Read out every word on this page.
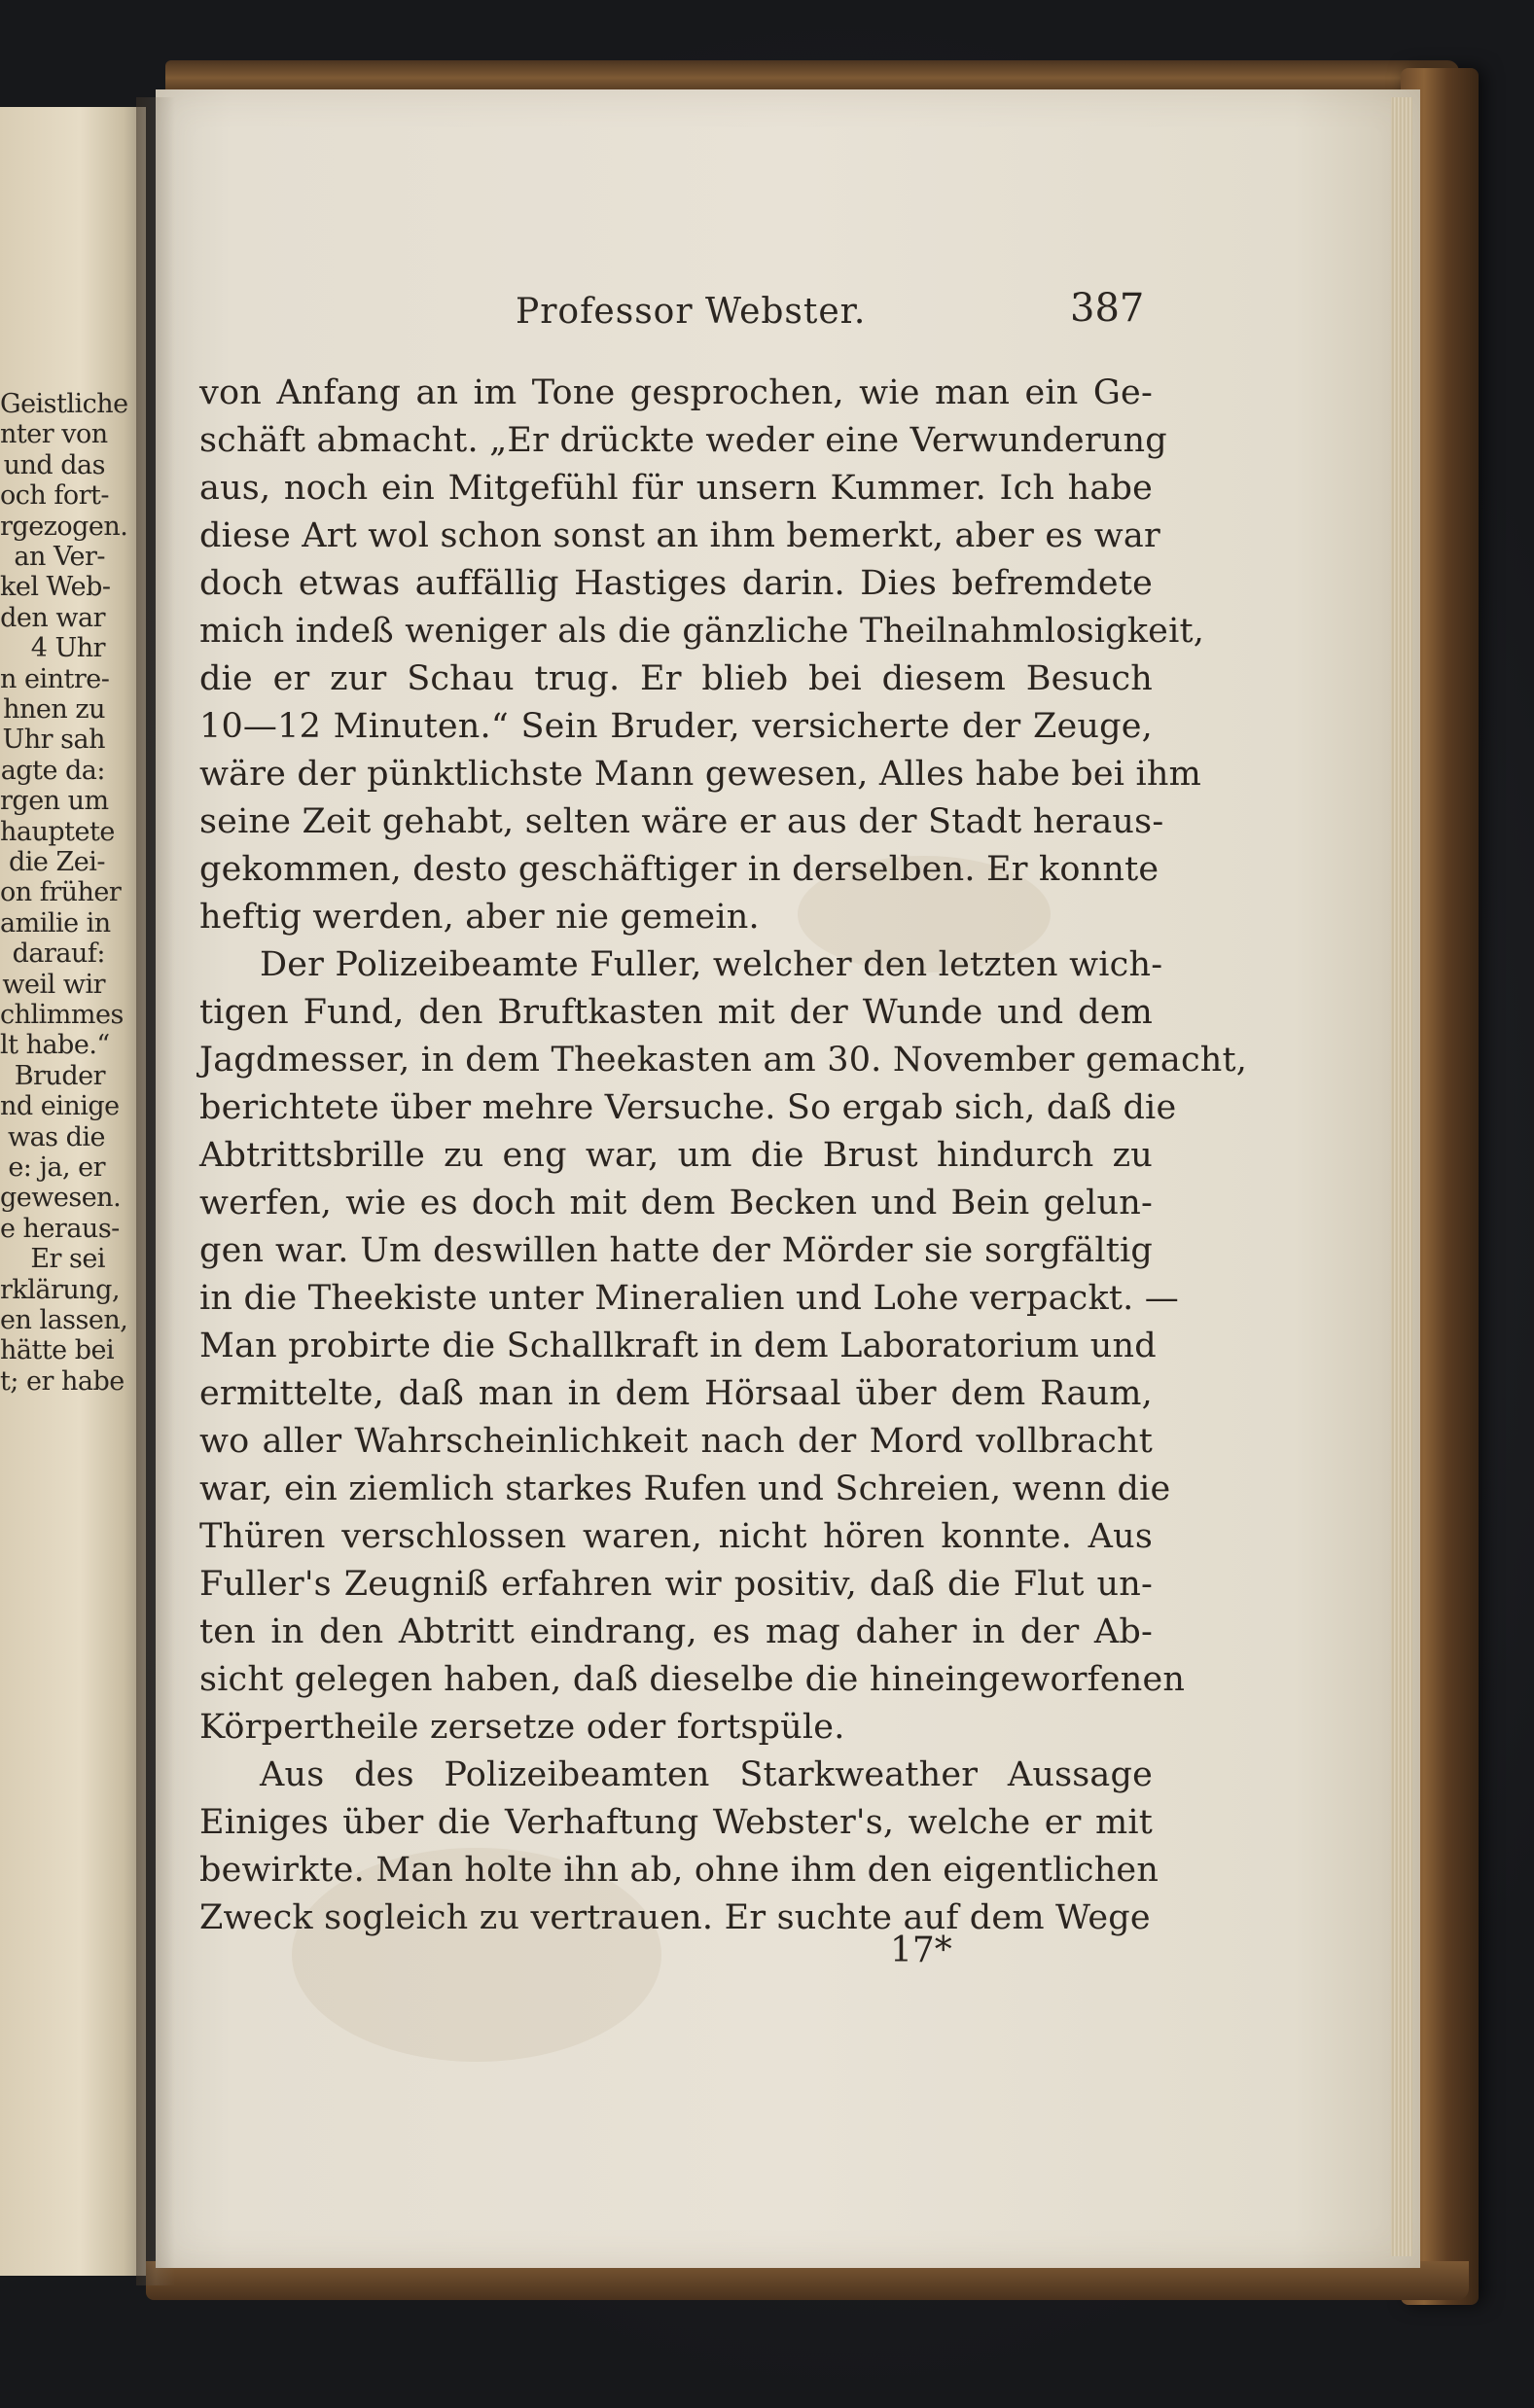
Geistliche
nter von
und das
och fort-
rgezogen.
an Ver-
kel Web-
den war
4 Uhr
n eintre-
hnen zu
Uhr sah
agte da:
rgen um
hauptete
die Zei-
on früher
amilie in
darauf:
weil wir
chlimmes
lt habe.“
Bruder
nd einige
was die
e: ja, er
gewesen.
e heraus-
Er sei
rklärung,
en lassen,
hätte bei
t; er habe
Professor Webster.	387
von Anfang an im Tone gesprochen, wie man ein Ge-
schäft abmacht. „Er drückte weder eine Verwunderung
aus, noch ein Mitgefühl für unsern Kummer. Ich habe
diese Art wol schon sonst an ihm bemerkt, aber es war
doch etwas auffällig Hastiges darin. Dies befremdete
mich indeß weniger als die gänzliche Theilnahmlosigkeit,
die er zur Schau trug. Er blieb bei diesem Besuch
10—12 Minuten.“ Sein Bruder, versicherte der Zeuge,
wäre der pünktlichste Mann gewesen, Alles habe bei ihm
seine Zeit gehabt, selten wäre er aus der Stadt heraus-
gekommen, desto geschäftiger in derselben. Er konnte
heftig werden, aber nie gemein.
Der Polizeibeamte Fuller, welcher den letzten wich-
tigen Fund, den Bruftkasten mit der Wunde und dem
Jagdmesser, in dem Theekasten am 30. November gemacht,
berichtete über mehre Versuche. So ergab sich, daß die
Abtrittsbrille zu eng war, um die Brust hindurch zu
werfen, wie es doch mit dem Becken und Bein gelun-
gen war. Um deswillen hatte der Mörder sie sorgfältig
in die Theekiste unter Mineralien und Lohe verpackt. —
Man probirte die Schallkraft in dem Laboratorium und
ermittelte, daß man in dem Hörsaal über dem Raum,
wo aller Wahrscheinlichkeit nach der Mord vollbracht
war, ein ziemlich starkes Rufen und Schreien, wenn die
Thüren verschlossen waren, nicht hören konnte. Aus
Fuller's Zeugniß erfahren wir positiv, daß die Flut un-
ten in den Abtritt eindrang, es mag daher in der Ab-
sicht gelegen haben, daß dieselbe die hineingeworfenen
Körpertheile zersetze oder fortspüle.
Aus des Polizeibeamten Starkweather Aussage
Einiges über die Verhaftung Webster's, welche er mit
bewirkte. Man holte ihn ab, ohne ihm den eigentlichen
Zweck sogleich zu vertrauen. Er suchte auf dem Wege
17*
